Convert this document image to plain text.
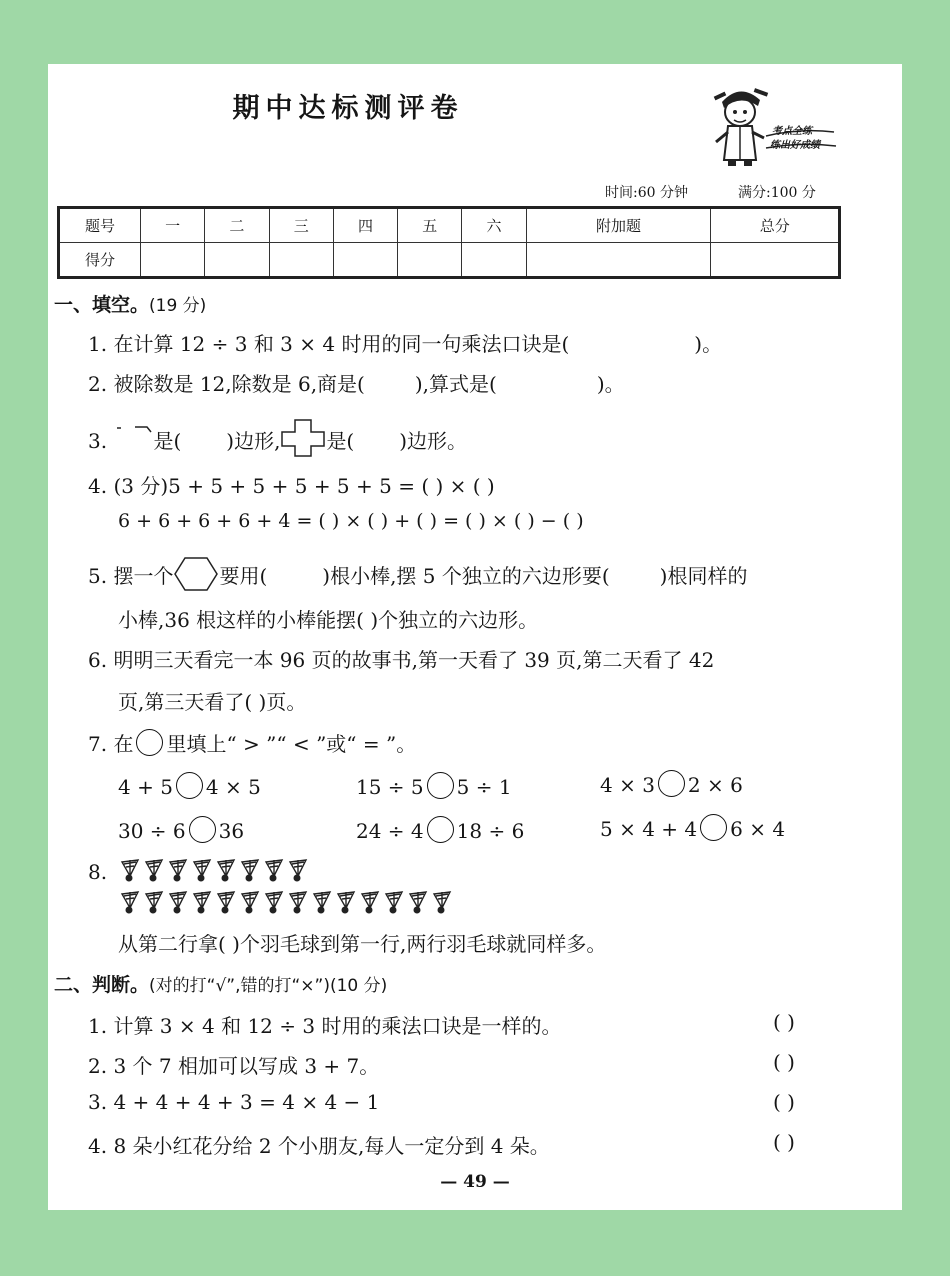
期中达标测评卷
考点全练
练出好成绩
时间:60 分钟	满分:100 分
题号	一	二	三	四	五	六	附加题	总分
得分								
一、填空。(19 分)
1. 在计算 12 ÷ 3 和 3 × 4 时用的同一句乘法口诀是(	)。
2. 被除数是 12,除数是 6,商是(	),算式是(	)。
3. 是( )边形, 是( )边形。
4. (3 分)5 + 5 + 5 + 5 + 5 + 5 = ( ) × ( )
6 + 6 + 6 + 6 + 4 = ( ) × ( ) + ( ) = ( ) × ( ) − ( )
5. 摆一个 要用(	)根小棒,摆 5 个独立的六边形要(	)根同样的
小棒,36 根这样的小棒能摆( )个独立的六边形。
6. 明明三天看完一本 96 页的故事书,第一天看了 39 页,第二天看了 42
页,第三天看了( )页。
7. 在 里填上“ > ”“ < ”或“ = ”。
4 + 5 4 × 5	15 ÷ 5 5 ÷ 1	4 × 3 2 × 6
30 ÷ 6 36	24 ÷ 4 18 ÷ 6	5 × 4 + 4 6 × 4
8.
从第二行拿( )个羽毛球到第一行,两行羽毛球就同样多。
二、判断。(对的打“√”,错的打“×”)(10 分)
1. 计算 3 × 4 和 12 ÷ 3 时用的乘法口诀是一样的。	( )
2. 3 个 7 相加可以写成 3 + 7。	( )
3. 4 + 4 + 4 + 3 = 4 × 4 − 1	( )
4. 8 朵小红花分给 2 个小朋友,每人一定分到 4 朵。	( )
— 49 —
